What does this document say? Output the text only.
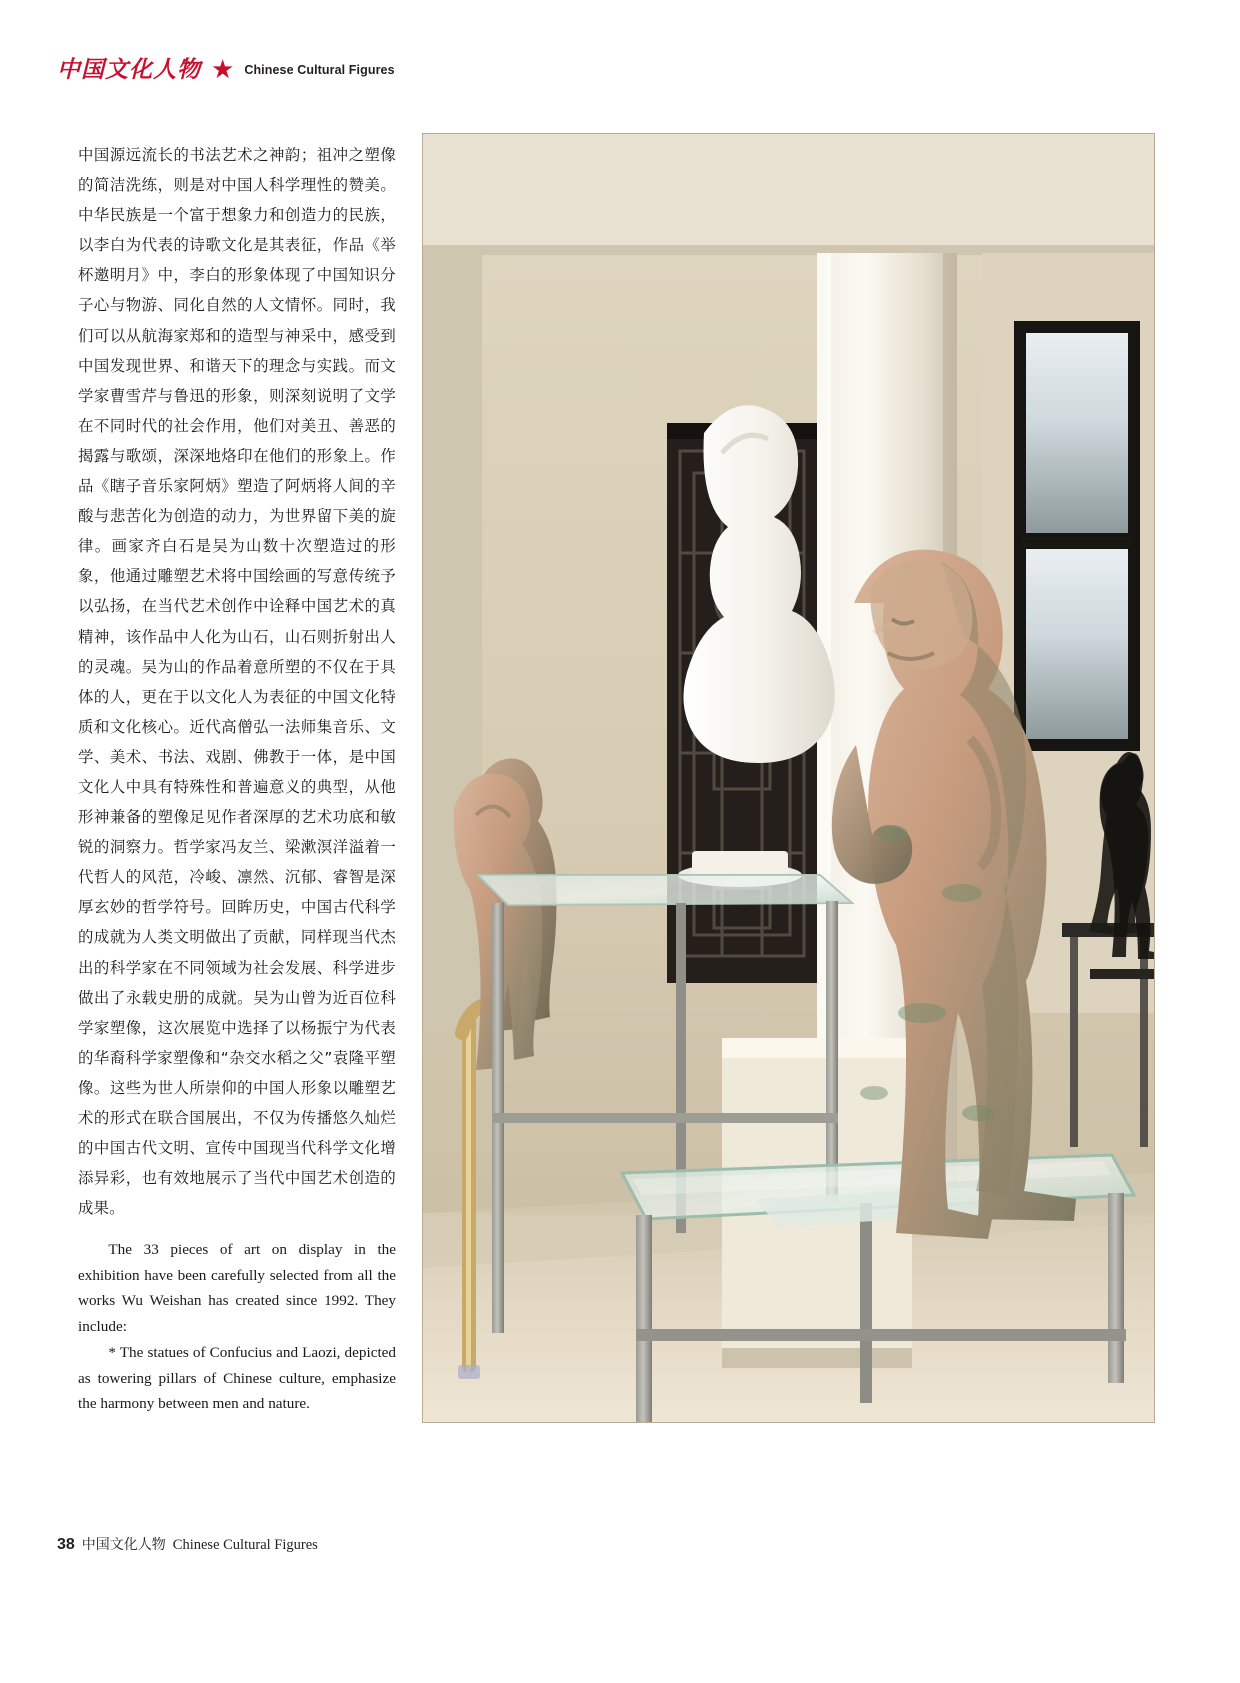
中国文化人物 ★ Chinese Cultural Figures

中国源远流长的书法艺术之神韵；祖冲之塑像的简洁洗练，则是对中国人科学理性的赞美。中华民族是一个富于想象力和创造力的民族，以李白为代表的诗歌文化是其表征，作品《举杯邀明月》中，李白的形象体现了中国知识分子心与物游、同化自然的人文情怀。同时，我们可以从航海家郑和的造型与神采中，感受到中国发现世界、和谐天下的理念与实践。而文学家曹雪芹与鲁迅的形象，则深刻说明了文学在不同时代的社会作用，他们对美丑、善恶的揭露与歌颂，深深地烙印在他们的形象上。作品《瞎子音乐家阿炳》塑造了阿炳将人间的辛酸与悲苦化为创造的动力，为世界留下美的旋律。画家齐白石是吴为山数十次塑造过的形象，他通过雕塑艺术将中国绘画的写意传统予以弘扬，在当代艺术创作中诠释中国艺术的真精神，该作品中人化为山石，山石则折射出人的灵魂。吴为山的作品着意所塑的不仅在于具体的人，更在于以文化人为表征的中国文化特质和文化核心。近代高僧弘一法师集音乐、文学、美术、书法、戏剧、佛教于一体，是中国文化人中具有特殊性和普遍意义的典型，从他形神兼备的塑像足见作者深厚的艺术功底和敏锐的洞察力。哲学家冯友兰、梁漱溟洋溢着一代哲人的风范，冷峻、凛然、沉郁、睿智是深厚玄妙的哲学符号。回眸历史，中国古代科学的成就为人类文明做出了贡献，同样现当代杰出的科学家在不同领域为社会发展、科学进步做出了永载史册的成就。吴为山曾为近百位科学家塑像，这次展览中选择了以杨振宁为代表的华裔科学家塑像和“杂交水稻之父”袁隆平塑像。这些为世人所崇仰的中国人形象以雕塑艺术的形式在联合国展出，不仅为传播悠久灿烂的中国古代文明、宣传中国现当代科学文化增添异彩，也有效地展示了当代中国艺术创造的成果。

The 33 pieces of art on display in the exhibition have been carefully selected from all the works Wu Weishan has created since 1992. They include:

* The statues of Confucius and Laozi, depicted as towering pillars of Chinese culture, emphasize the harmony between men and nature.

38 中国文化人物 Chinese Cultural Figures
